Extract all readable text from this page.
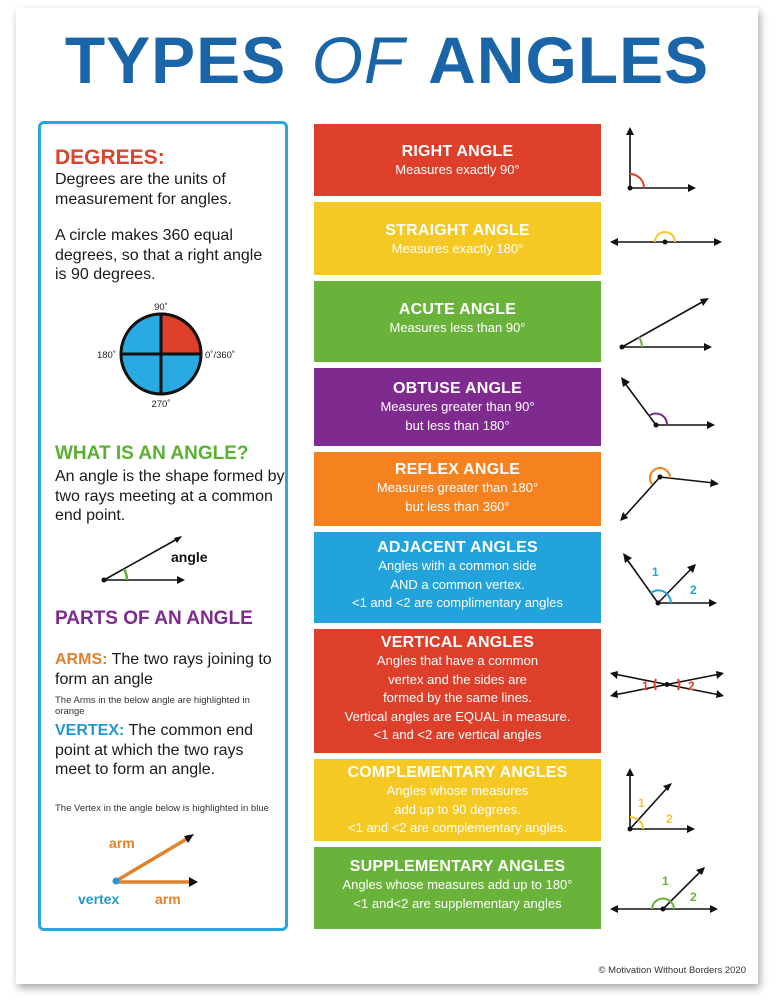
TYPES OF ANGLES
DEGREES:
Degrees are the units of measurement for angles.
A circle makes 360 equal degrees, so that a right angle is 90 degrees.
90˚
180˚	0˚/360˚
270˚
WHAT IS AN ANGLE?
An angle is the shape formed by two rays meeting at a common end point.
angle
PARTS OF AN ANGLE
ARMS: The two rays joining to form an angle
The Arms in the below angle are highlighted in orange
VERTEX: The common end point at which the two rays meet to form an angle.
The Vertex in the angle below is highlighted in blue
arm
arm
vertex
RIGHT ANGLE
Measures exactly 90°
STRAIGHT ANGLE
Measures exactly 180°
ACUTE ANGLE
Measures less than 90°
OBTUSE ANGLE
Measures greater than 90°
but less than 180°
REFLEX ANGLE
Measures greater than 180°
but less than 360°
ADJACENT ANGLES
Angles with a common side
AND a common vertex.
<1 and <2 are complimentary angles
VERTICAL ANGLES
Angles that have a common
vertex and the sides are
formed by the same lines.
Vertical angles are EQUAL in measure.
<1 and <2 are vertical angles
COMPLEMENTARY ANGLES
Angles whose measures
add up to 90 degrees.
<1 and <2 are complementary angles.
SUPPLEMENTARY ANGLES
Angles whose measures add up to 180°
<1 and<2 are supplementary angles
1
2
1	2
1
2
1
2
© Motivation Without Borders 2020
